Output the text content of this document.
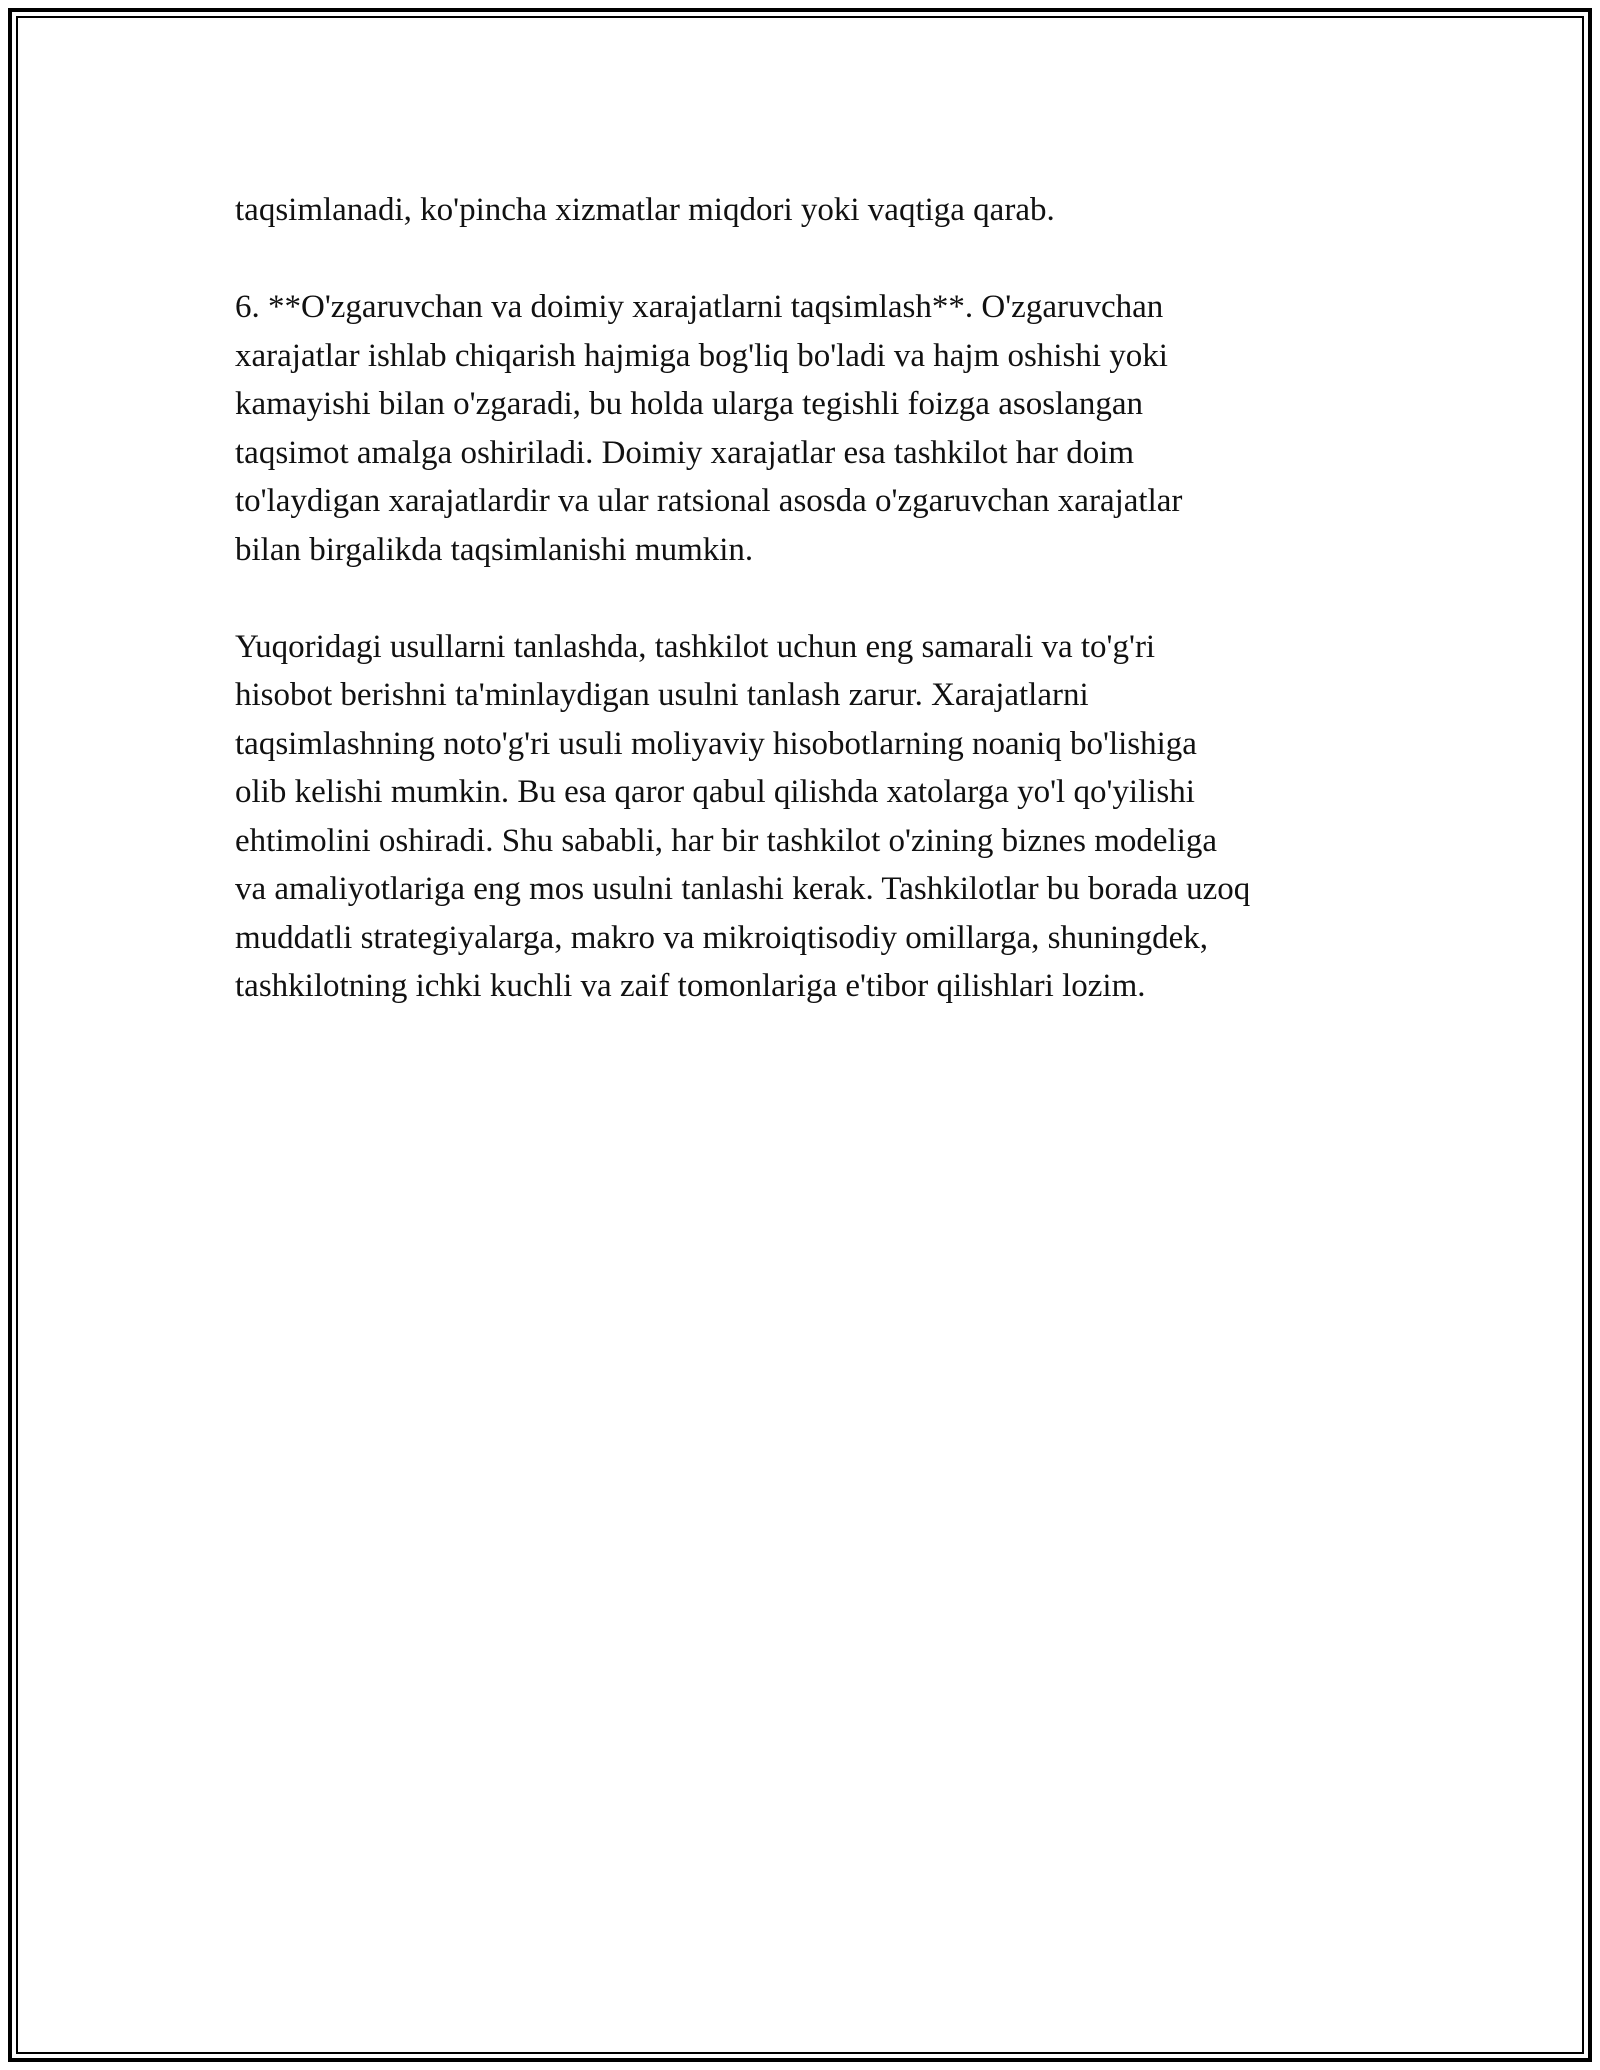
taqsimlanadi, ko'pincha xizmatlar miqdori yoki vaqtiga qarab.
6. **O'zgaruvchan va doimiy xarajatlarni taqsimlash**. O'zgaruvchan
xarajatlar ishlab chiqarish hajmiga bog'liq bo'ladi va hajm oshishi yoki
kamayishi bilan o'zgaradi, bu holda ularga tegishli foizga asoslangan
taqsimot amalga oshiriladi. Doimiy xarajatlar esa tashkilot har doim
to'laydigan xarajatlardir va ular ratsional asosda o'zgaruvchan xarajatlar
bilan birgalikda taqsimlanishi mumkin.
Yuqoridagi usullarni tanlashda, tashkilot uchun eng samarali va to'g'ri
hisobot berishni ta'minlaydigan usulni tanlash zarur. Xarajatlarni
taqsimlashning noto'g'ri usuli moliyaviy hisobotlarning noaniq bo'lishiga
olib kelishi mumkin. Bu esa qaror qabul qilishda xatolarga yo'l qo'yilishi
ehtimolini oshiradi. Shu sababli, har bir tashkilot o'zining biznes modeliga
va amaliyotlariga eng mos usulni tanlashi kerak. Tashkilotlar bu borada uzoq
muddatli strategiyalarga, makro va mikroiqtisodiy omillarga, shuningdek,
tashkilotning ichki kuchli va zaif tomonlariga e'tibor qilishlari lozim.
